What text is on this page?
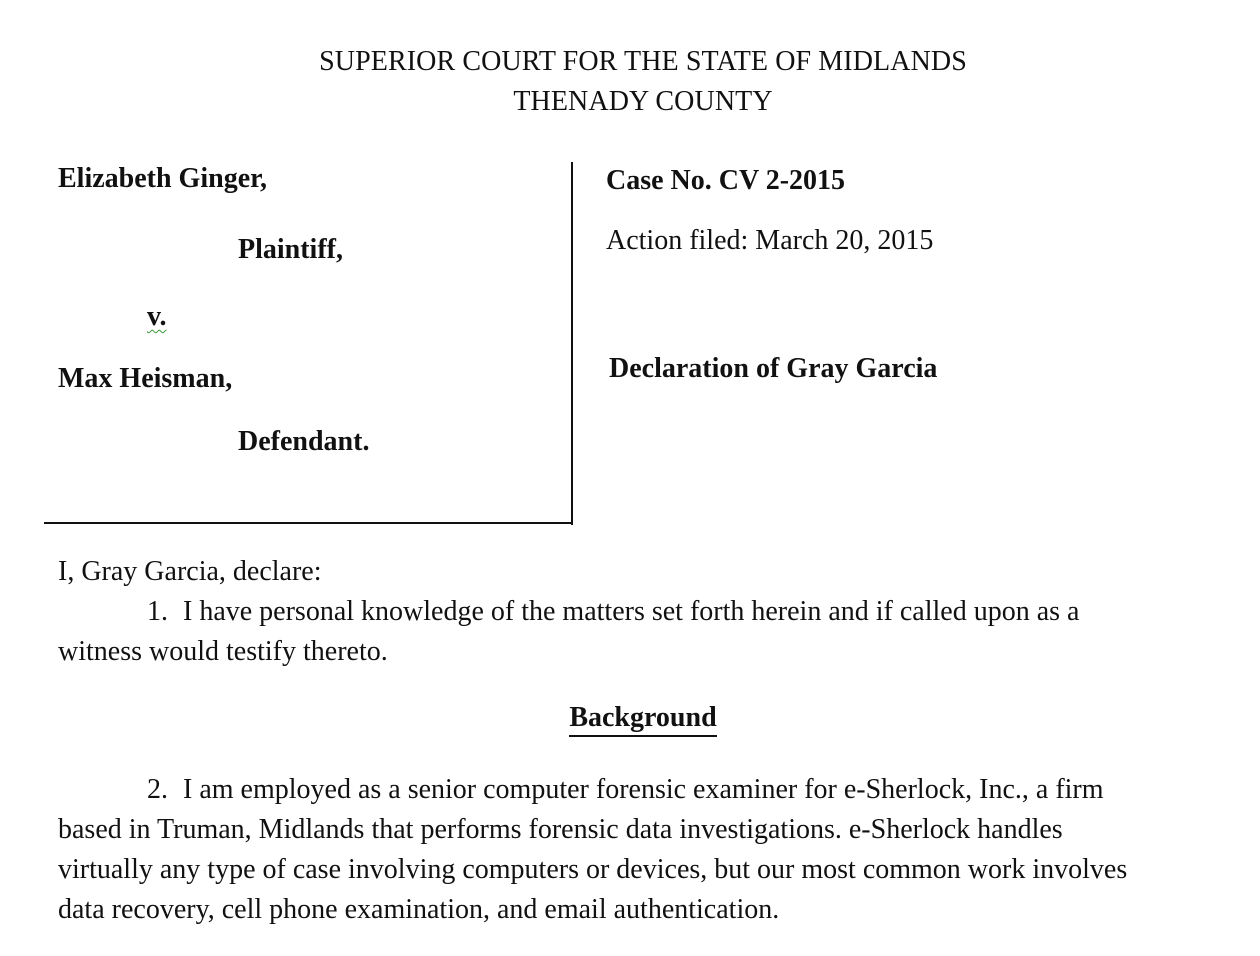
SUPERIOR COURT FOR THE STATE OF MIDLANDS
THENADY COUNTY
Elizabeth Ginger,
Plaintiff,
v.
Max Heisman,
Defendant.
Case No. CV 2-2015
Action filed: March 20, 2015
Declaration of Gray Garcia
I, Gray Garcia, declare:
1. I have personal knowledge of the matters set forth herein and if called upon as a
witness would testify thereto.
Background
2. I am employed as a senior computer forensic examiner for e-Sherlock, Inc., a firm
based in Truman, Midlands that performs forensic data investigations. e-Sherlock handles
virtually any type of case involving computers or devices, but our most common work involves
data recovery, cell phone examination, and email authentication.
